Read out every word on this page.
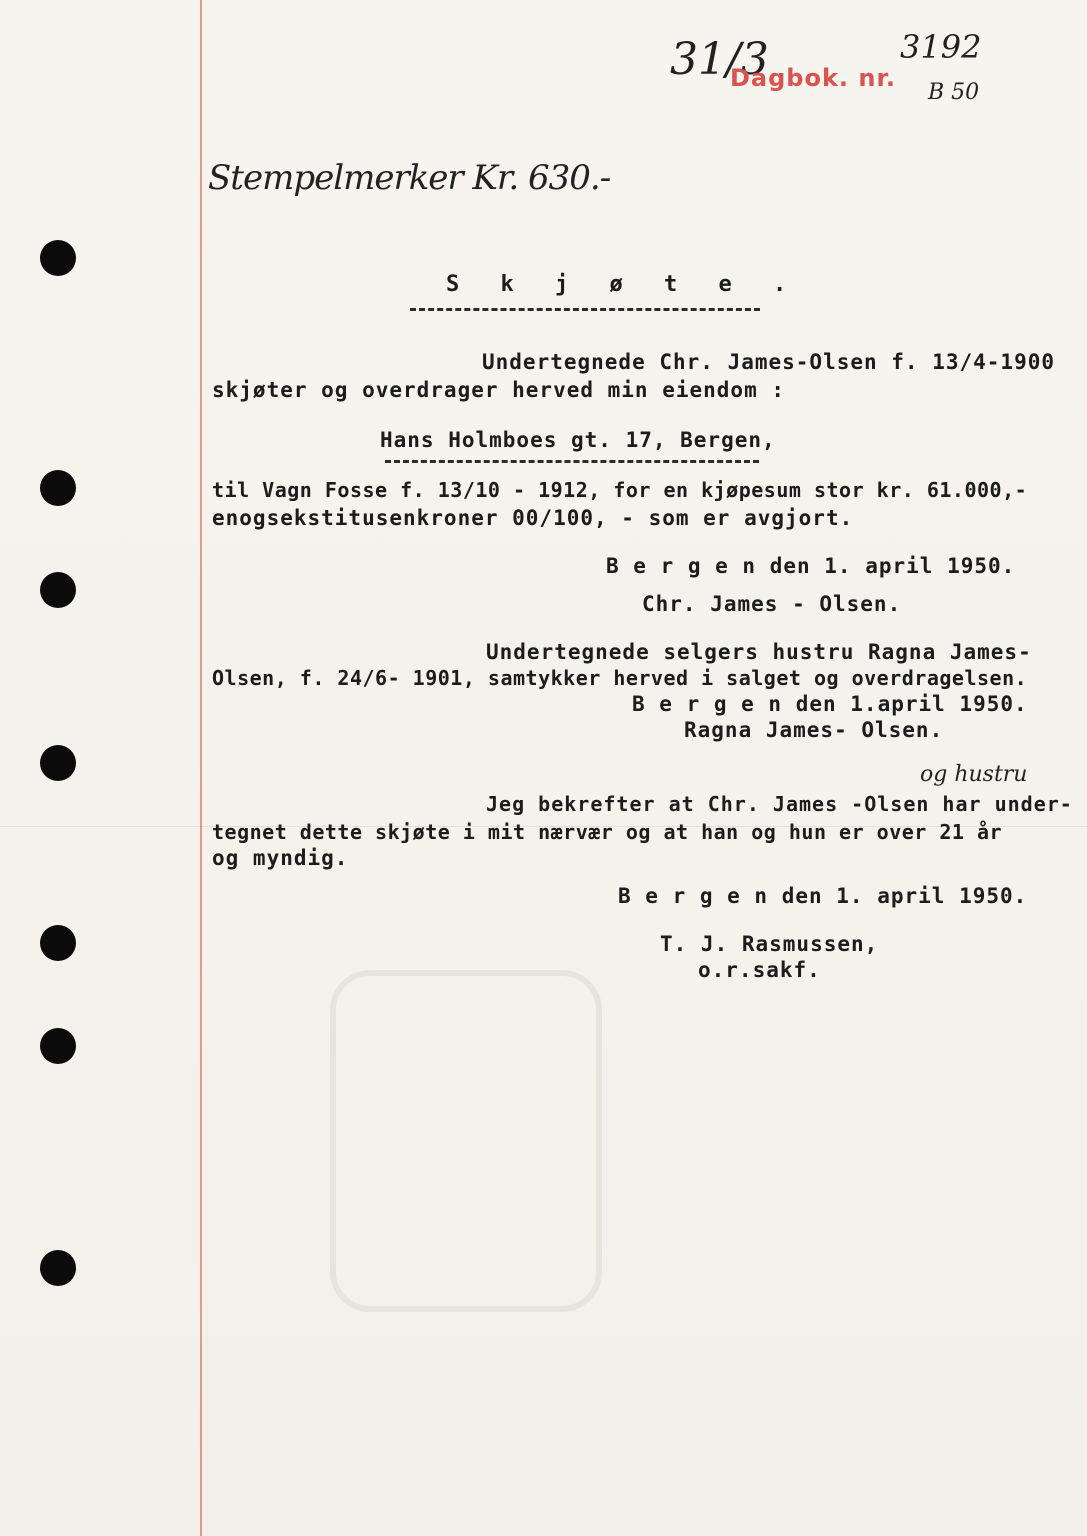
31/3
Dagbok. nr.
3192
B 50
Stempelmerker Kr. 630.-
og hustru
S k j ø t e .
Undertegnede Chr. James-Olsen f. 13/4-1900
skjøter og overdrager herved min eiendom :
Hans Holmboes gt. 17, Bergen,
til Vagn Fosse f. 13/10 - 1912, for en kjøpesum stor kr. 61.000,-
enogsekstitusenkroner 00/100, - som er avgjort.
B e r g e n den 1. april 1950.
Chr. James - Olsen.
Undertegnede selgers hustru Ragna James-
Olsen, f. 24/6- 1901, samtykker herved i salget og overdragelsen.
B e r g e n den 1.april 1950.
Ragna James- Olsen.
Jeg bekrefter at Chr. James -Olsen har under-
tegnet dette skjøte i mit nærvær og at han og hun er over 21 år
og myndig.
B e r g e n den 1. april 1950.
T. J. Rasmussen,
o.r.sakf.
